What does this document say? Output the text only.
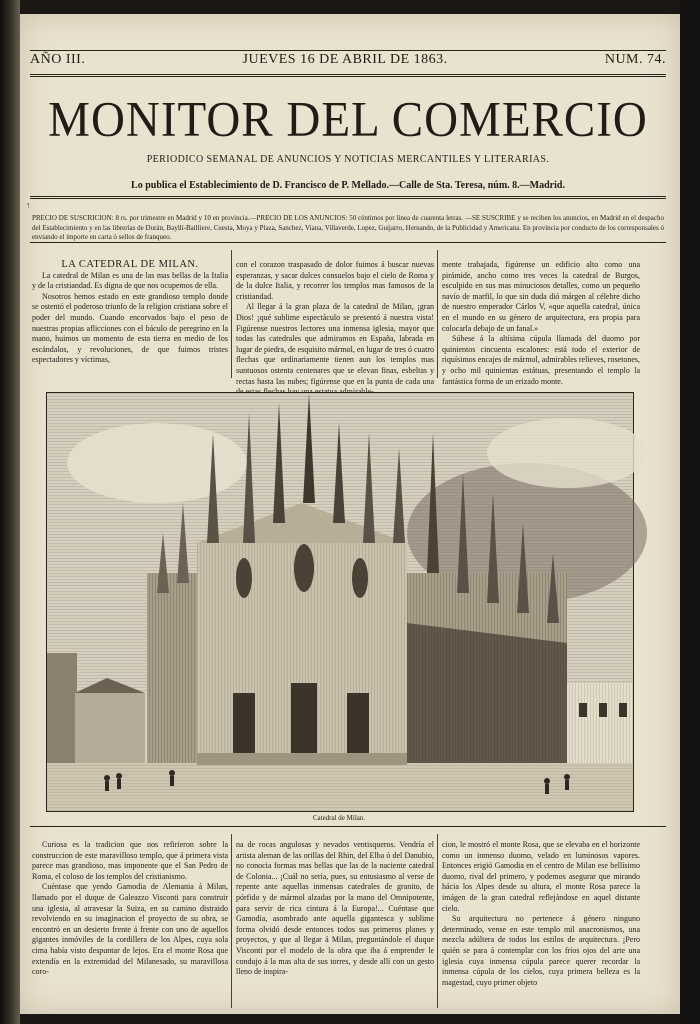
↑
AÑO III.	JUEVES 16 DE ABRIL DE 1863.	NUM. 74.
MONITOR DEL COMERCIO
PERIODICO SEMANAL DE ANUNCIOS Y NOTICIAS MERCANTILES Y LITERARIAS.
Lo publica el Establecimiento de D. Francisco de P. Mellado.—Calle de Sta. Teresa, núm. 8.—Madrid.
PRECIO DE SUSCRICION: 8 rs. por trimestre en Madrid y 10 en provincia.—PRECIO DE LOS ANUNCIOS: 50 céntimos por línea de cuarenta letras. —SE SUSCRIBE y se reciben los anuncios, en Madrid en el despacho del Establecimiento y en las librerías de Durán, Bayllí-Bailliere, Cuesta, Moya y Plaza, Sanchez, Viana, Villaverde, Lopez, Guijarro, Hernando, de la Publicidad y Americana. En provincia por conducto de los corresponsales ó enviando el importe en carta ó sellos de franqueo.

LA CATEDRAL DE MILAN.

La catedral de Milan es una de las mas bellas de la Italia y de la cristiandad. Es digna de que nos ocupemos de ella.

Nosotros hemos estado en este grandioso templo donde se ostentó el poderoso triunfo de la religion cristiana sobre el poder del mundo. Cuando encorvados bajo el peso de nuestras propias aflicciones con el báculo de peregrino en la mano, huimos un momento de esta tierra en medio de los escándalos, y revoluciones, de que fuimos tristes espectadores y víctimas,

con el corazon traspasado de dolor fuimos á buscar nuevas esperanzas, y sacar dulces consuelos bajo el cielo de Roma y de la dulce Italia, y recorrer los templos mas famosos de la cristiandad.

Al llegar á la gran plaza de la catedral de Milan, ¡gran Dios! ¡qué sublime espectáculo se presentó á nuestra vista! Figúrense nuestros lectores una inmensa iglesia, mayor que todas las catedrales que admiramos en España, labrada en lugar de piedra, de esquisito mármol, en lugar de tres ó cuatro flechas que ordinariamente tienen aun los templos mas suntuosos ostenta centenares que se elevan finas, esbeltas y rectas hasta las nubes; figúrense que en la punta de cada una

mente trabajada, figúrense un edificio alto como una pirámide, ancho como tres veces la catedral de Burgos, esculpido en sus mas minuciosos detalles, como un pequeño navío de marfil, lo que sin duda dió márgen al célebre dicho de nuestro emperador Cárlos V, «que aquella catedral, única en el mundo en su género de arquitectura, era propia para colocarla debajo de un fanal.»

Súbese á la altísima cúpula llamada del duomo por quinientos cincuenta escalones: está todo el exterior de riquísimos encajes de mármol, admirables relieves, rosetones, y ocho mil quinientas estátuas, presentando el templo la fantástica forma de un erizado monte.

Catedral de Milan.

Curiosa es la tradicion que nos refirieron sobre la construccion de este maravilloso templo, que á primera vista parece mas grandioso, mas imponente que el San Pedro de Roma, el coloso de los templos del cristianismo.

Cuéntase que yendo Gamodia de Alemania á Milan, llamado por el duque de Galeazzo Visconti para construir una iglesia, al atravesar la Suiza, en su camino distraido revolviendo en su imaginacion el proyecto de su obra, se encontró en un desierto frente á frente con uno de aquellos gigantes inmóviles de la cordillera de los Alpes, cuya sola cima había visto despuntar de lejos. Era el monte Rosa que extendía en la extremidad del Milanesado, su maravillosa coro-

na de rocas angulosas y nevados ventisqueros. Vendría el artista aleman de las orillas del Rhin, del Elba ó del Danubio, no conocia formas mas bellas que las de la naciente catedral de Colonia... ¡Cuál no sería, pues, su entusiasmo al verse de repente ante aquellas inmensas catedrales de granito, de pórfido y de mármol alzadas por la mano del Omnipotente, para servir de rica cintura á la Europa!... Cuéntase que Gamodia, asombrado ante aquella gigantesca y sublime forma olvidó desde entonces todos sus primeros planes y proyectos, y que al llegar á Milan, preguntándole el duque Visconti por el modelo de la obra que iba á emprender le condujo á la mas alta de sus torres, y desde allí con un gesto lleno de inspira-

cion, le mostró el monte Rosa, que se elevaba en el horizonte como un inmenso duomo, velado en luminosos vapores. Entonces erigió Gamodia en el centro de Milan ese bellísimo duomo, rival del primero, y podemos asegurar que mirando hácia los Alpes desde su altura, el monte Rosa parece la imágen de la gran catedral reflejándose en aquel distante cielo.

Su arquitectura no pertenece á género ninguno determinado, vense en este templo mil anacronismos, una mezcla adúltera de todos los estilos de arquitectura. ¡Pero quién se para á contemplar con los fríos ojos del arte una iglesia cuya inmensa cúpula parece querer recordar la inmensa cúpula de los cielos, cuya primera belleza es la magestad, cuyo primer objeto
